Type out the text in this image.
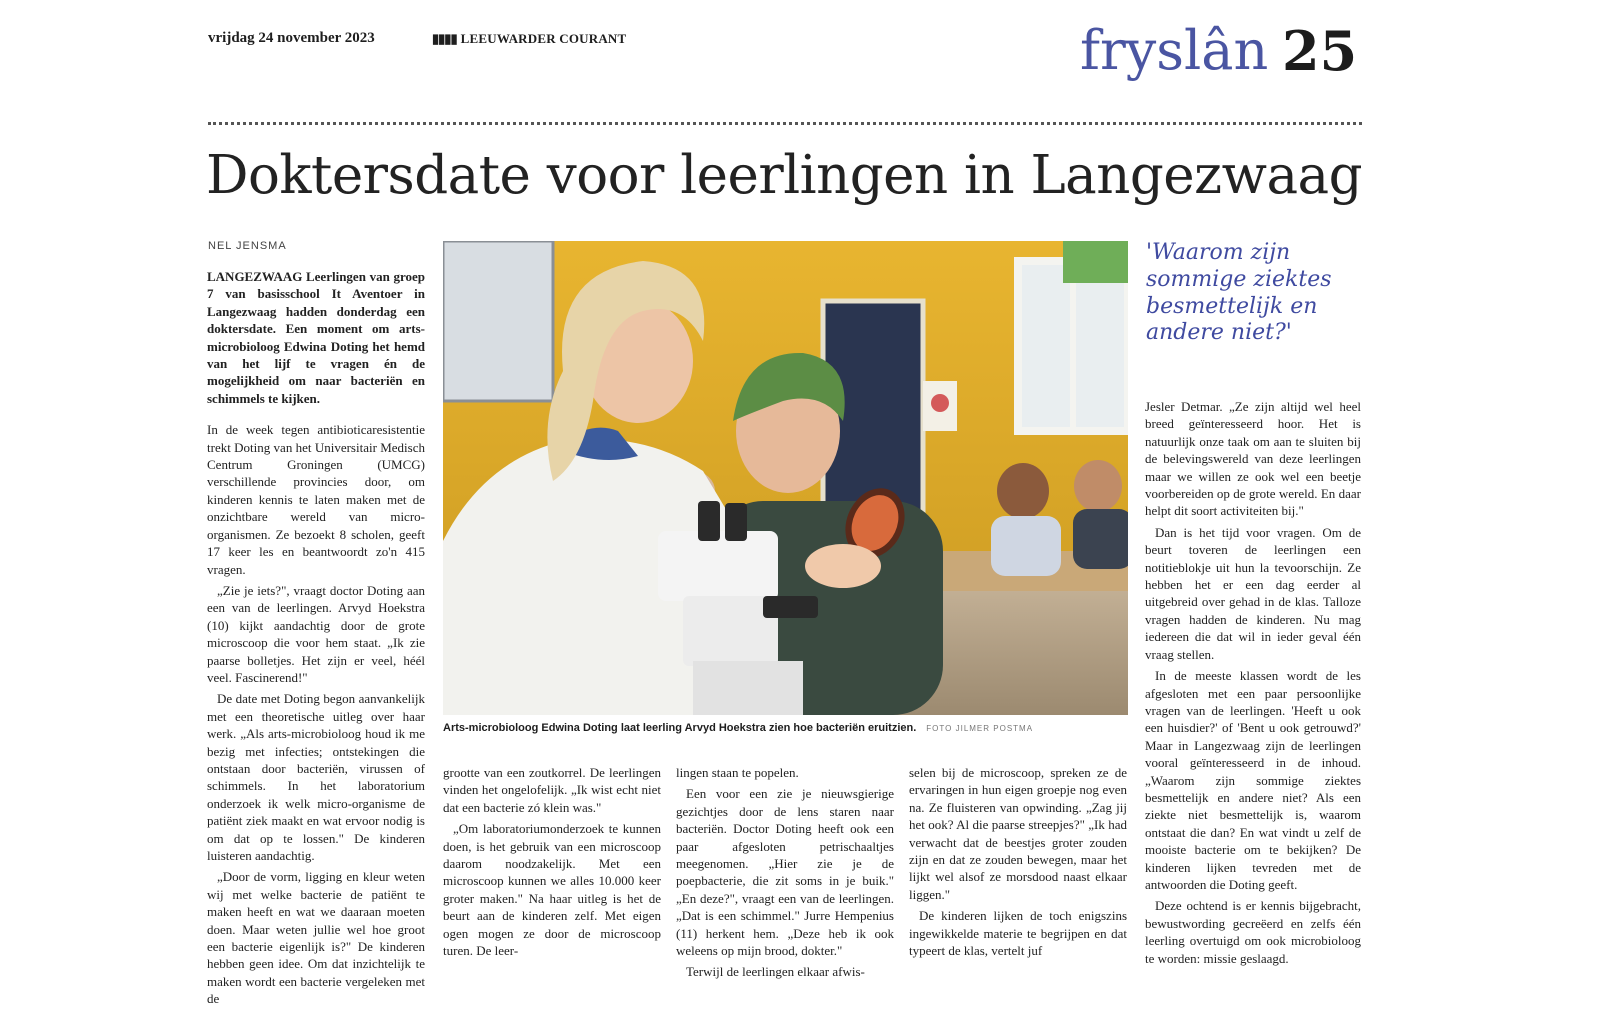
vrijdag 24 november 2023	▮▮▮▮ LEEUWARDER COURANT	fryslân 25
Doktersdate voor leerlingen in Langezwaag
NEL JENSMA

LANGEZWAAG Leerlingen van groep 7 van basisschool It Aventoer in Langezwaag hadden donderdag een doktersdate. Een moment om arts-microbioloog Edwina Doting het hemd van het lijf te vragen én de mogelijkheid om naar bacteriën en schimmels te kijken.

In de week tegen antibioticaresistentie trekt Doting van het Universitair Medisch Centrum Groningen (UMCG) verschillende provincies door, om kinderen kennis te laten maken met de onzichtbare wereld van micro-organismen. Ze bezoekt 8 scholen, geeft 17 keer les en beantwoordt zo'n 415 vragen.

„Zie je iets?", vraagt doctor Doting aan een van de leerlingen. Arvyd Hoekstra (10) kijkt aandachtig door de grote microscoop die voor hem staat. „Ik zie paarse bolletjes. Het zijn er veel, héél veel. Fascinerend!"

De date met Doting begon aanvankelijk met een theoretische uitleg over haar werk. „Als arts-microbioloog houd ik me bezig met infecties; ontstekingen die ontstaan door bacteriën, virussen of schimmels. In het laboratorium onderzoek ik welk micro-organisme de patiënt ziek maakt en wat ervoor nodig is om dat op te lossen." De kinderen luisteren aandachtig.

„Door de vorm, ligging en kleur weten wij met welke bacterie de patiënt te maken heeft en wat we daaraan moeten doen. Maar weten jullie wel hoe groot een bacterie eigenlijk is?" De kinderen hebben geen idee. Om dat inzichtelijk te maken wordt een bacterie vergeleken met de

Arts-microbioloog Edwina Doting laat leerling Arvyd Hoekstra zien hoe bacteriën eruitzien. FOTO JILMER POSTMA

grootte van een zoutkorrel. De leerlingen vinden het ongelofelijk. „Ik wist echt niet dat een bacterie zó klein was."

„Om laboratoriumonderzoek te kunnen doen, is het gebruik van een microscoop daarom noodzakelijk. Met een microscoop kunnen we alles 10.000 keer groter maken." Na haar uitleg is het de beurt aan de kinderen zelf. Met eigen ogen mogen ze door de microscoop turen. De leer-

lingen staan te popelen.

Een voor een zie je nieuwsgierige gezichtjes door de lens staren naar bacteriën. Doctor Doting heeft ook een paar afgesloten petrischaaltjes meegenomen. „Hier zie je de poepbacterie, die zit soms in je buik." „En deze?", vraagt een van de leerlingen. „Dat is een schimmel." Jurre Hempenius (11) herkent hem. „Deze heb ik ook weleens op mijn brood, dokter."

Terwijl de leerlingen elkaar afwis-

selen bij de microscoop, spreken ze de ervaringen in hun eigen groepje nog even na. Ze fluisteren van opwinding. „Zag jij het ook? Al die paarse streepjes?" „Ik had verwacht dat de beestjes groter zouden zijn en dat ze zouden bewegen, maar het lijkt wel alsof ze morsdood naast elkaar liggen."

De kinderen lijken de toch enigszins ingewikkelde materie te begrijpen en dat typeert de klas, vertelt juf

'Waarom zijn sommige ziektes besmettelijk en andere niet?'

Jesler Detmar. „Ze zijn altijd wel heel breed geïnteresseerd hoor. Het is natuurlijk onze taak om aan te sluiten bij de belevingswereld van deze leerlingen maar we willen ze ook wel een beetje voorbereiden op de grote wereld. En daar helpt dit soort activiteiten bij."

Dan is het tijd voor vragen. Om de beurt toveren de leerlingen een notitieblokje uit hun la tevoorschijn. Ze hebben het er een dag eerder al uitgebreid over gehad in de klas. Talloze vragen hadden de kinderen. Nu mag iedereen die dat wil in ieder geval één vraag stellen.

In de meeste klassen wordt de les afgesloten met een paar persoonlijke vragen van de leerlingen. 'Heeft u ook een huisdier?' of 'Bent u ook getrouwd?' Maar in Langezwaag zijn de leerlingen vooral geïnteresseerd in de inhoud. „Waarom zijn sommige ziektes besmettelijk en andere niet? Als een ziekte niet besmettelijk is, waarom ontstaat die dan? En wat vindt u zelf de mooiste bacterie om te bekijken? De kinderen lijken tevreden met de antwoorden die Doting geeft.

Deze ochtend is er kennis bijgebracht, bewustwording gecreëerd en zelfs één leerling overtuigd om ook microbioloog te worden: missie geslaagd.
